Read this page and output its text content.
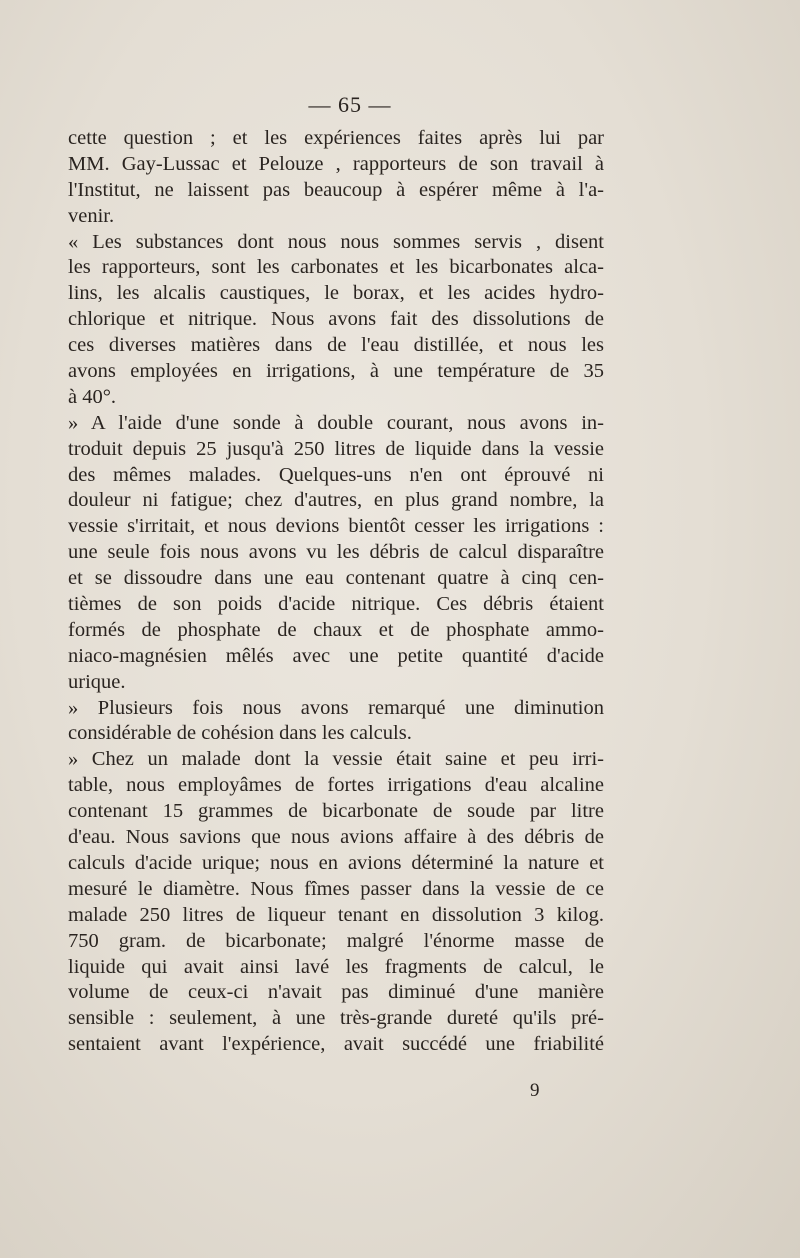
— 65 —
cette question ; et les expériences faites après lui par
MM. Gay-Lussac et Pelouze , rapporteurs de son travail à
l'Institut, ne laissent pas beaucoup à espérer même à l'a-
venir.
« Les substances dont nous nous sommes servis , disent
les rapporteurs, sont les carbonates et les bicarbonates alca-
lins, les alcalis caustiques, le borax, et les acides hydro-
chlorique et nitrique. Nous avons fait des dissolutions de
ces diverses matières dans de l'eau distillée, et nous les
avons employées en irrigations, à une température de 35
à 40°.
» A l'aide d'une sonde à double courant, nous avons in-
troduit depuis 25 jusqu'à 250 litres de liquide dans la vessie
des mêmes malades. Quelques-uns n'en ont éprouvé ni
douleur ni fatigue; chez d'autres, en plus grand nombre, la
vessie s'irritait, et nous devions bientôt cesser les irrigations :
une seule fois nous avons vu les débris de calcul disparaître
et se dissoudre dans une eau contenant quatre à cinq cen-
tièmes de son poids d'acide nitrique. Ces débris étaient
formés de phosphate de chaux et de phosphate ammo-
niaco-magnésien mêlés avec une petite quantité d'acide
urique.
» Plusieurs fois nous avons remarqué une diminution
considérable de cohésion dans les calculs.
» Chez un malade dont la vessie était saine et peu irri-
table, nous employâmes de fortes irrigations d'eau alcaline
contenant 15 grammes de bicarbonate de soude par litre
d'eau. Nous savions que nous avions affaire à des débris de
calculs d'acide urique; nous en avions déterminé la nature et
mesuré le diamètre. Nous fîmes passer dans la vessie de ce
malade 250 litres de liqueur tenant en dissolution 3 kilog.
750 gram. de bicarbonate; malgré l'énorme masse de
liquide qui avait ainsi lavé les fragments de calcul, le
volume de ceux-ci n'avait pas diminué d'une manière
sensible : seulement, à une très-grande dureté qu'ils pré-
sentaient avant l'expérience, avait succédé une friabilité
9
